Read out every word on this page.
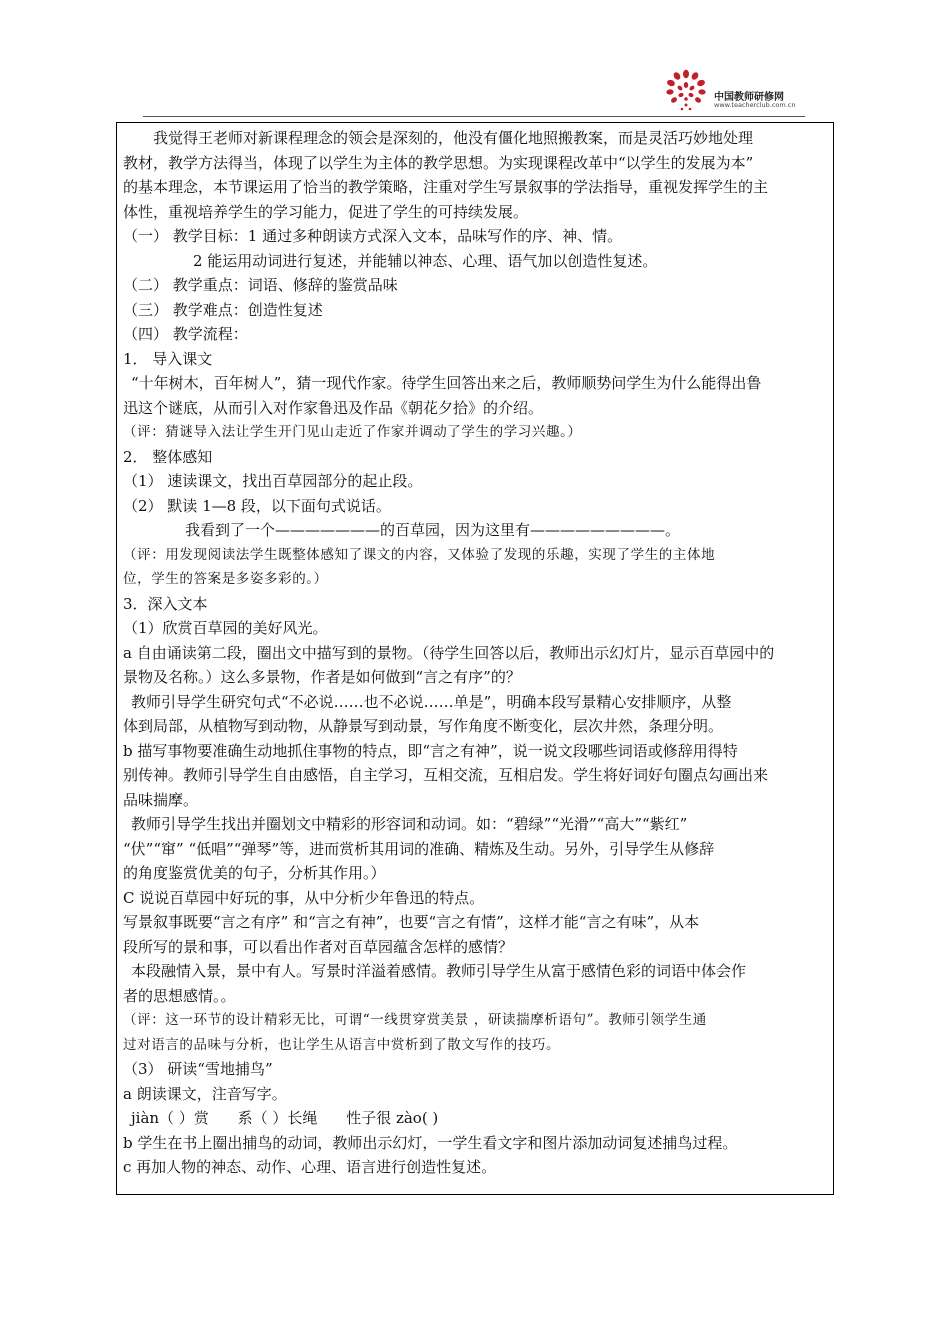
中国教师研修网
www.teacherclub.com.cn
我觉得王老师对新课程理念的领会是深刻的，他没有僵化地照搬教案，而是灵活巧妙地处理
教材，教学方法得当，体现了以学生为主体的教学思想。为实现课程改革中“以学生的发展为本”
的基本理念，本节课运用了恰当的教学策略，注重对学生写景叙事的学法指导，重视发挥学生的主
体性，重视培养学生的学习能力，促进了学生的可持续发展。
（一） 教学目标：1 通过多种朗读方式深入文本，品味写作的序、神、情。
2 能运用动词进行复述，并能辅以神态、心理、语气加以创造性复述。
（二） 教学重点：词语、修辞的鉴赏品味
（三） 教学难点：创造性复述
（四） 教学流程：
1． 导入课文
“十年树木，百年树人”，猜一现代作家。待学生回答出来之后，教师顺势问学生为什么能得出鲁
迅这个谜底，从而引入对作家鲁迅及作品《朝花夕拾》的介绍。
（评：猜谜导入法让学生开门见山走近了作家并调动了学生的学习兴趣。）
2． 整体感知
（1） 速读课文，找出百草园部分的起止段。
（2） 默读 1—8 段，以下面句式说话。
我看到了一个———————的百草园，因为这里有—————————。
（评：用发现阅读法学生既整体感知了课文的内容，又体验了发现的乐趣，实现了学生的主体地
位，学生的答案是多姿多彩的。）
3．深入文本
（1）欣赏百草园的美好风光。
a 自由诵读第二段，圈出文中描写到的景物。（待学生回答以后，教师出示幻灯片，显示百草园中的
景物及名称。）这么多景物，作者是如何做到“言之有序”的？
教师引导学生研究句式“不必说……也不必说……单是”，明确本段写景精心安排顺序，从整
体到局部，从植物写到动物，从静景写到动景，写作角度不断变化，层次井然，条理分明。
b 描写事物要准确生动地抓住事物的特点，即“言之有神”，说一说文段哪些词语或修辞用得特
别传神。教师引导学生自由感悟，自主学习，互相交流，互相启发。学生将好词好句圈点勾画出来
品味揣摩。
教师引导学生找出并圈划文中精彩的形容词和动词。如：“碧绿”“光滑”“高大”“紫红”
“伏”“窜” “低唱”“弹琴”等，进而赏析其用词的准确、精炼及生动。另外，引导学生从修辞
的角度鉴赏优美的句子，分析其作用。）
C 说说百草园中好玩的事，从中分析少年鲁迅的特点。
写景叙事既要“言之有序” 和“言之有神”，也要“言之有情”，这样才能“言之有味”，从本
段所写的景和事，可以看出作者对百草园蕴含怎样的感情？
本段融情入景，景中有人。写景时洋溢着感情。教师引导学生从富于感情色彩的词语中体会作
者的思想感情。。
（评：这一环节的设计精彩无比，可谓“一线贯穿赏美景 ，研读揣摩析语句”。教师引领学生通
过对语言的品味与分析，也让学生从语言中赏析到了散文写作的技巧。
（3） 研读“雪地捕鸟”
a 朗读课文，注音写字。
jiàn（ ）赏 系（ ）长绳 性子很 zào( )
b 学生在书上圈出捕鸟的动词，教师出示幻灯，一学生看文字和图片添加动词复述捕鸟过程。
c 再加人物的神态、动作、心理、语言进行创造性复述。
